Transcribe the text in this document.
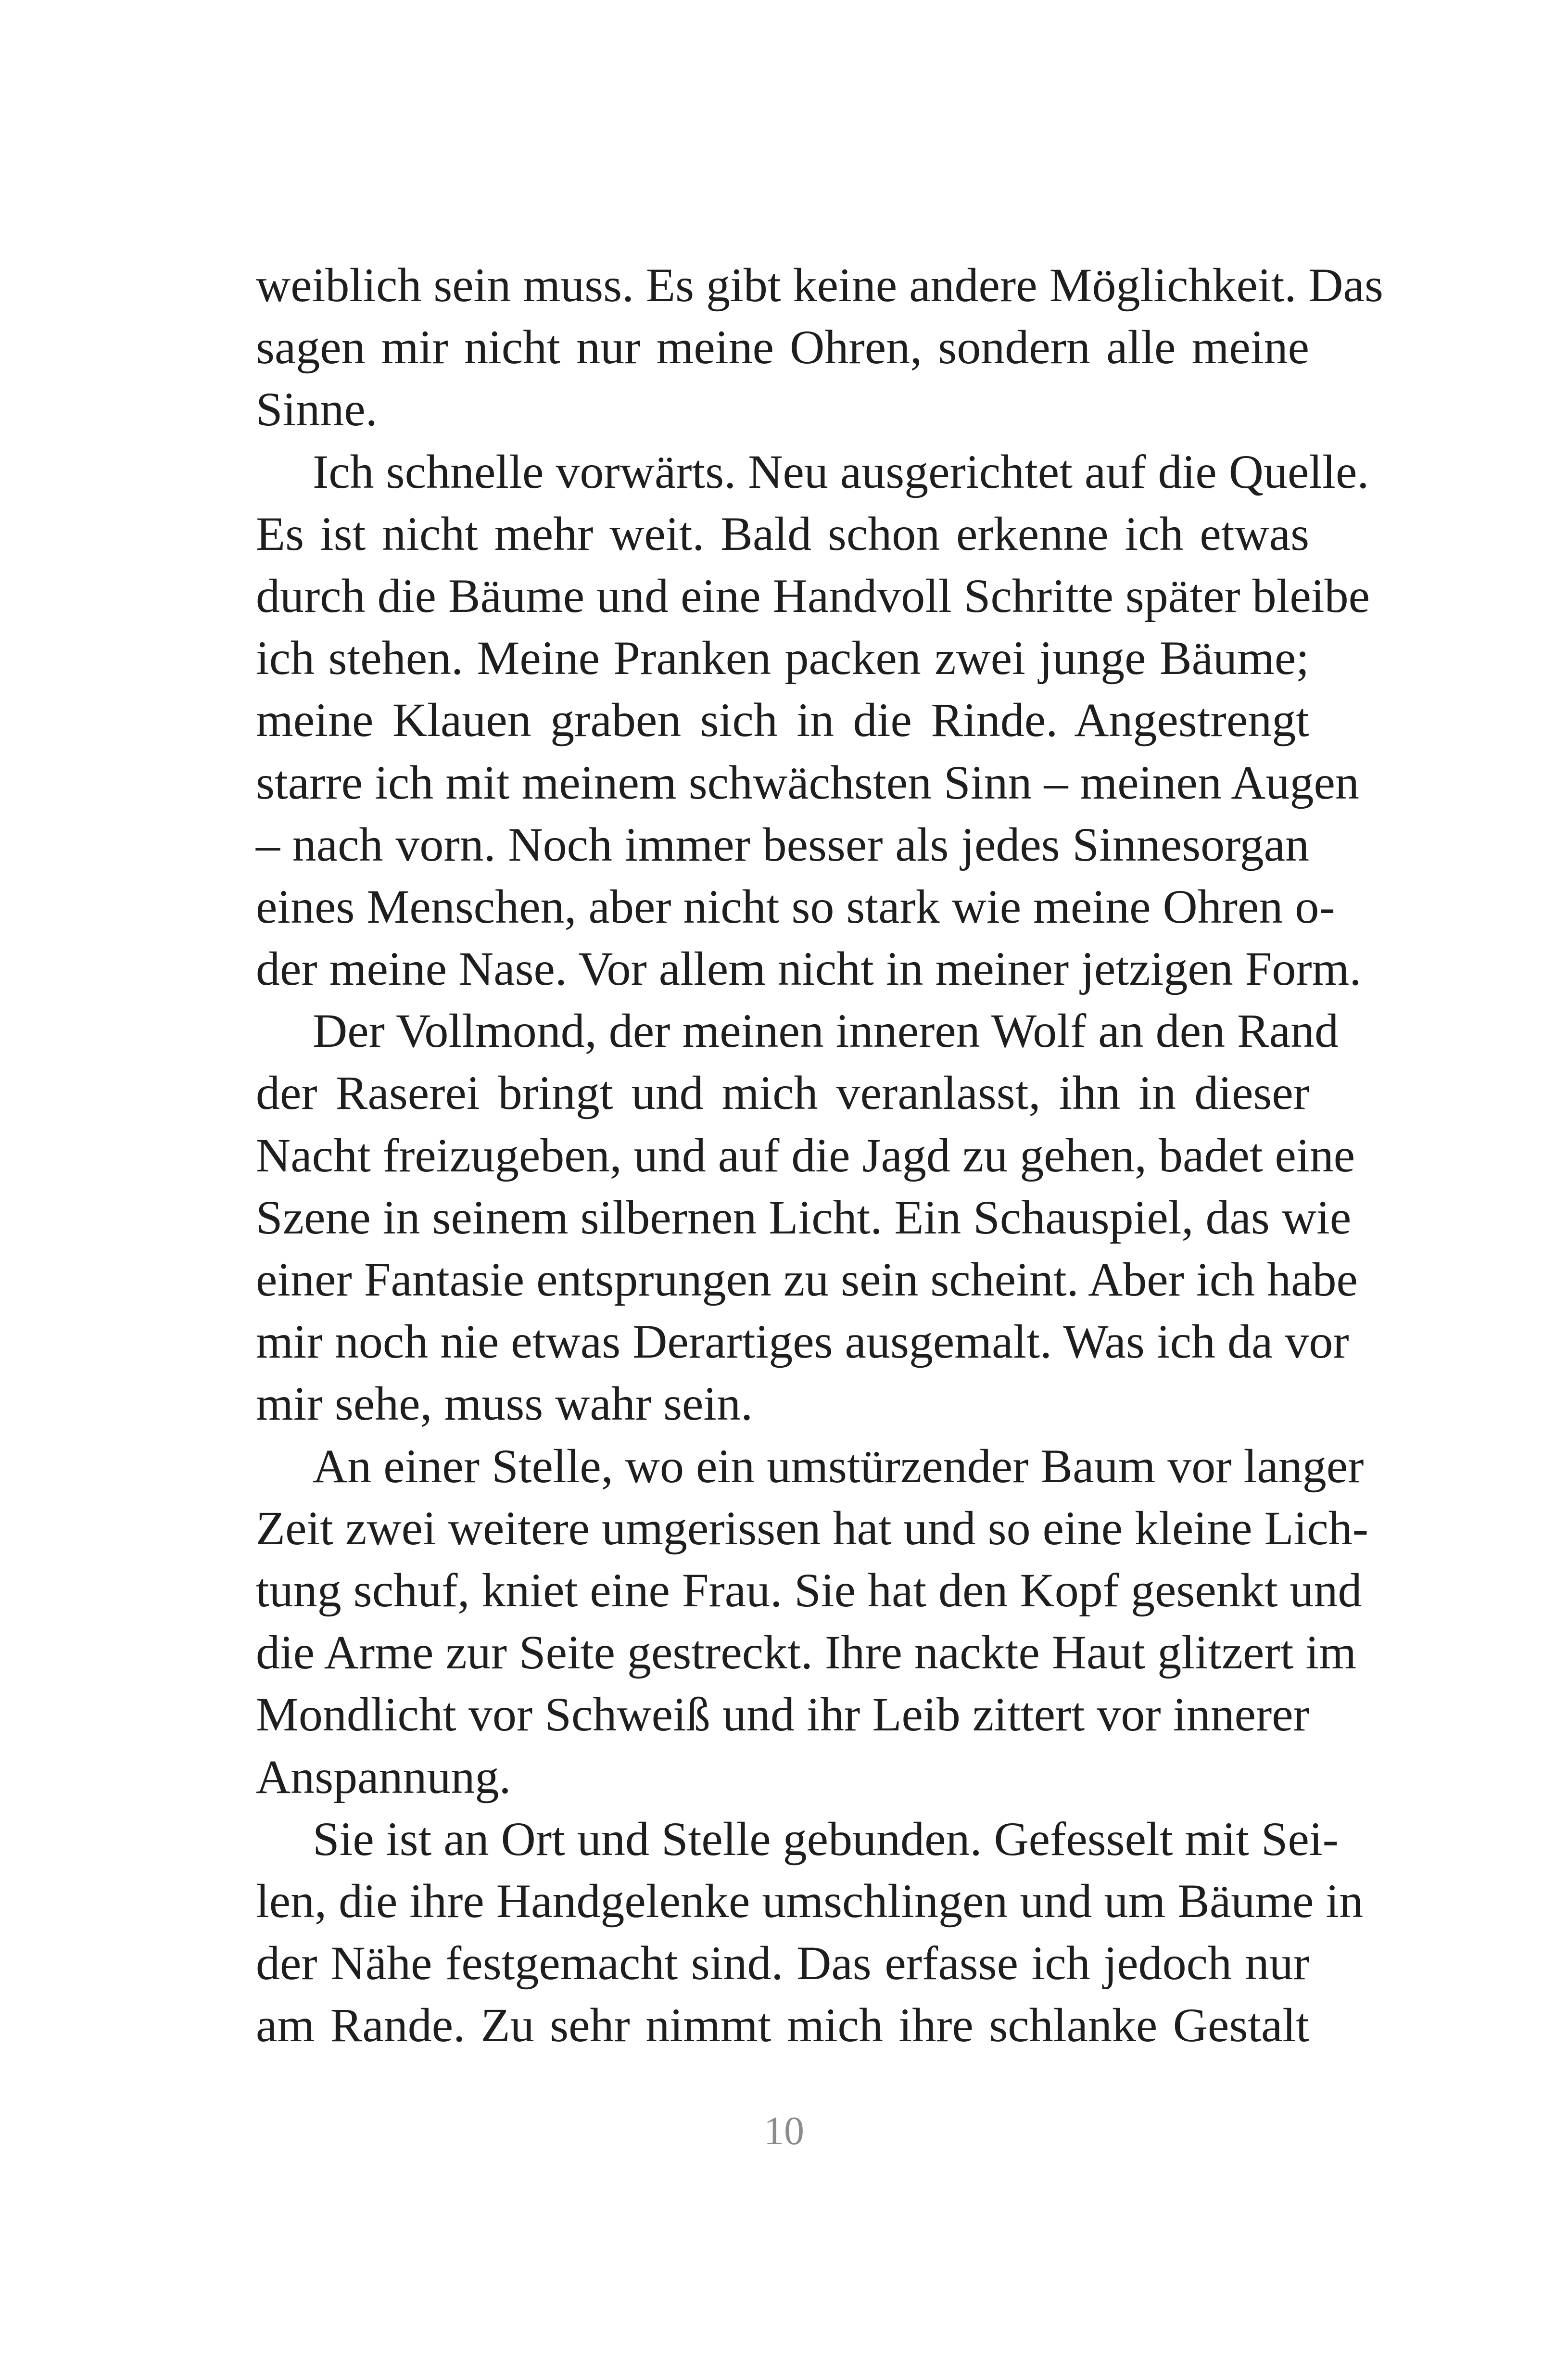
weiblich sein muss. Es gibt keine andere Möglichkeit. Das
sagen mir nicht nur meine Ohren, sondern alle meine
Sinne.
Ich schnelle vorwärts. Neu ausgerichtet auf die Quelle.
Es ist nicht mehr weit. Bald schon erkenne ich etwas
durch die Bäume und eine Handvoll Schritte später bleibe
ich stehen. Meine Pranken packen zwei junge Bäume;
meine Klauen graben sich in die Rinde. Angestrengt
starre ich mit meinem schwächsten Sinn – meinen Augen
– nach vorn. Noch immer besser als jedes Sinnesorgan
eines Menschen, aber nicht so stark wie meine Ohren o-
der meine Nase. Vor allem nicht in meiner jetzigen Form.
Der Vollmond, der meinen inneren Wolf an den Rand
der Raserei bringt und mich veranlasst, ihn in dieser
Nacht freizugeben, und auf die Jagd zu gehen, badet eine
Szene in seinem silbernen Licht. Ein Schauspiel, das wie
einer Fantasie entsprungen zu sein scheint. Aber ich habe
mir noch nie etwas Derartiges ausgemalt. Was ich da vor
mir sehe, muss wahr sein.
An einer Stelle, wo ein umstürzender Baum vor langer
Zeit zwei weitere umgerissen hat und so eine kleine Lich-
tung schuf, kniet eine Frau. Sie hat den Kopf gesenkt und
die Arme zur Seite gestreckt. Ihre nackte Haut glitzert im
Mondlicht vor Schweiß und ihr Leib zittert vor innerer
Anspannung.
Sie ist an Ort und Stelle gebunden. Gefesselt mit Sei-
len, die ihre Handgelenke umschlingen und um Bäume in
der Nähe festgemacht sind. Das erfasse ich jedoch nur
am Rande. Zu sehr nimmt mich ihre schlanke Gestalt
10
